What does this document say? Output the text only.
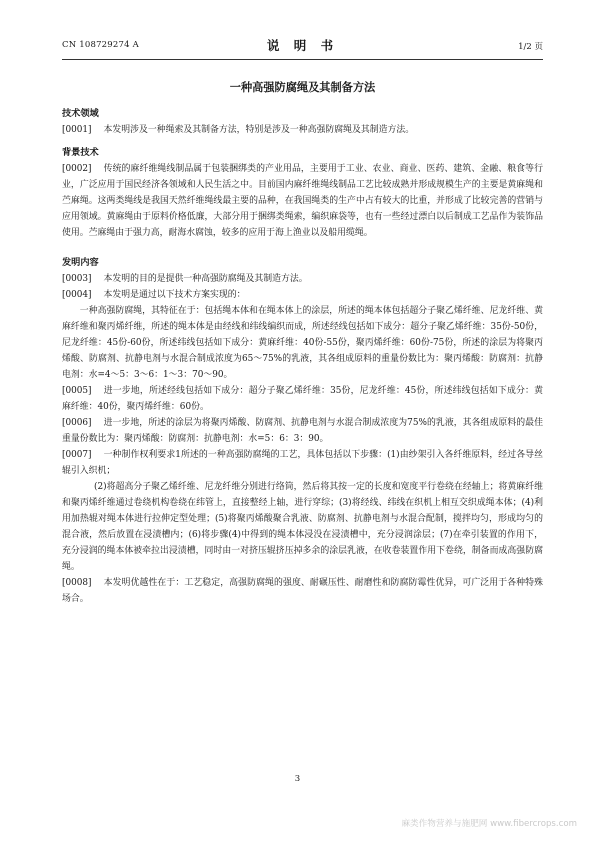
CN 108729274 A	说 明 书	1/2 页
一种高强防腐绳及其制备方法

技术领域

[0001] 本发明涉及一种绳索及其制备方法，特别是涉及一种高强防腐绳及其制造方法。

背景技术

[0002] 传统的麻纤维绳线制品属于包装捆绑类的产业用品，主要用于工业、农业、商业、医药、建筑、金融、粮食等行业，广泛应用于国民经济各领域和人民生活之中。目前国内麻纤维绳线制品工艺比较成熟并形成规模生产的主要是黄麻绳和苎麻绳。这两类绳线是我国天然纤维绳线最主要的品种，在我国绳类的生产中占有较大的比重，并形成了比较完善的营销与应用领域。黄麻绳由于原料价格低廉，大部分用于捆绑类绳索，编织麻袋等，也有一些经过漂白以后制成工艺品作为装饰品使用。苎麻绳由于强力高，耐海水腐蚀，较多的应用于海上渔业以及船用缆绳。

发明内容

[0003] 本发明的目的是提供一种高强防腐绳及其制造方法。

[0004] 本发明是通过以下技术方案实现的：

一种高强防腐绳，其特征在于：包括绳本体和在绳本体上的涂层，所述的绳本体包括超分子聚乙烯纤维、尼龙纤维、黄麻纤维和聚丙烯纤维，所述的绳本体是由经线和纬线编织而成，所述经线包括如下成分：超分子聚乙烯纤维：35份-50份，尼龙纤维：45份-60份，所述纬线包括如下成分：黄麻纤维：40份-55份，聚丙烯纤维：60份-75份，所述的涂层为将聚丙烯酸、防腐剂、抗静电剂与水混合制成浓度为65～75%的乳液，其各组成原料的重量份数比为：聚丙烯酸：防腐剂：抗静电剂：水=4～5：3～6：1～3：70～90。

[0005] 进一步地，所述经线包括如下成分：超分子聚乙烯纤维：35份，尼龙纤维：45份，所述纬线包括如下成分：黄麻纤维：40份，聚丙烯纤维：60份。

[0006] 进一步地，所述的涂层为将聚丙烯酸、防腐剂、抗静电剂与水混合制成浓度为75%的乳液，其各组成原料的最佳重量份数比为：聚丙烯酸：防腐剂：抗静电剂：水=5：6：3：90。

[0007] 一种制作权利要求1所述的一种高强防腐绳的工艺，具体包括以下步骤：(1)由纱架引入各纤维原料，经过各导丝辊引入织机；

(2)将超高分子聚乙烯纤维、尼龙纤维分别进行络筒，然后将其按一定的长度和宽度平行卷绕在经轴上；将黄麻纤维和聚丙烯纤维通过卷绕机构卷绕在纬管上，直接整经上轴，进行穿综；(3)将经线、纬线在织机上相互交织成绳本体；(4)利用加热辊对绳本体进行拉伸定型处理；(5)将聚丙烯酸聚合乳液、防腐剂、抗静电剂与水混合配制，搅拌均匀，形成均匀的混合液，然后放置在浸渍槽内；(6)将步骤(4)中得到的绳本体浸没在浸渍槽中，充分浸润涂层；(7)在牵引装置的作用下，充分浸润的绳本体被牵拉出浸渍槽，同时由一对挤压辊挤压掉多余的涂层乳液，在收卷装置作用下卷绕，制备而成高强防腐绳。

[0008] 本发明优越性在于：工艺稳定，高强防腐绳的强度、耐碾压性、耐磨性和防腐防霉性优异，可广泛用于各种特殊场合。

3
麻类作物营养与施肥网 www.fibercrops.com
